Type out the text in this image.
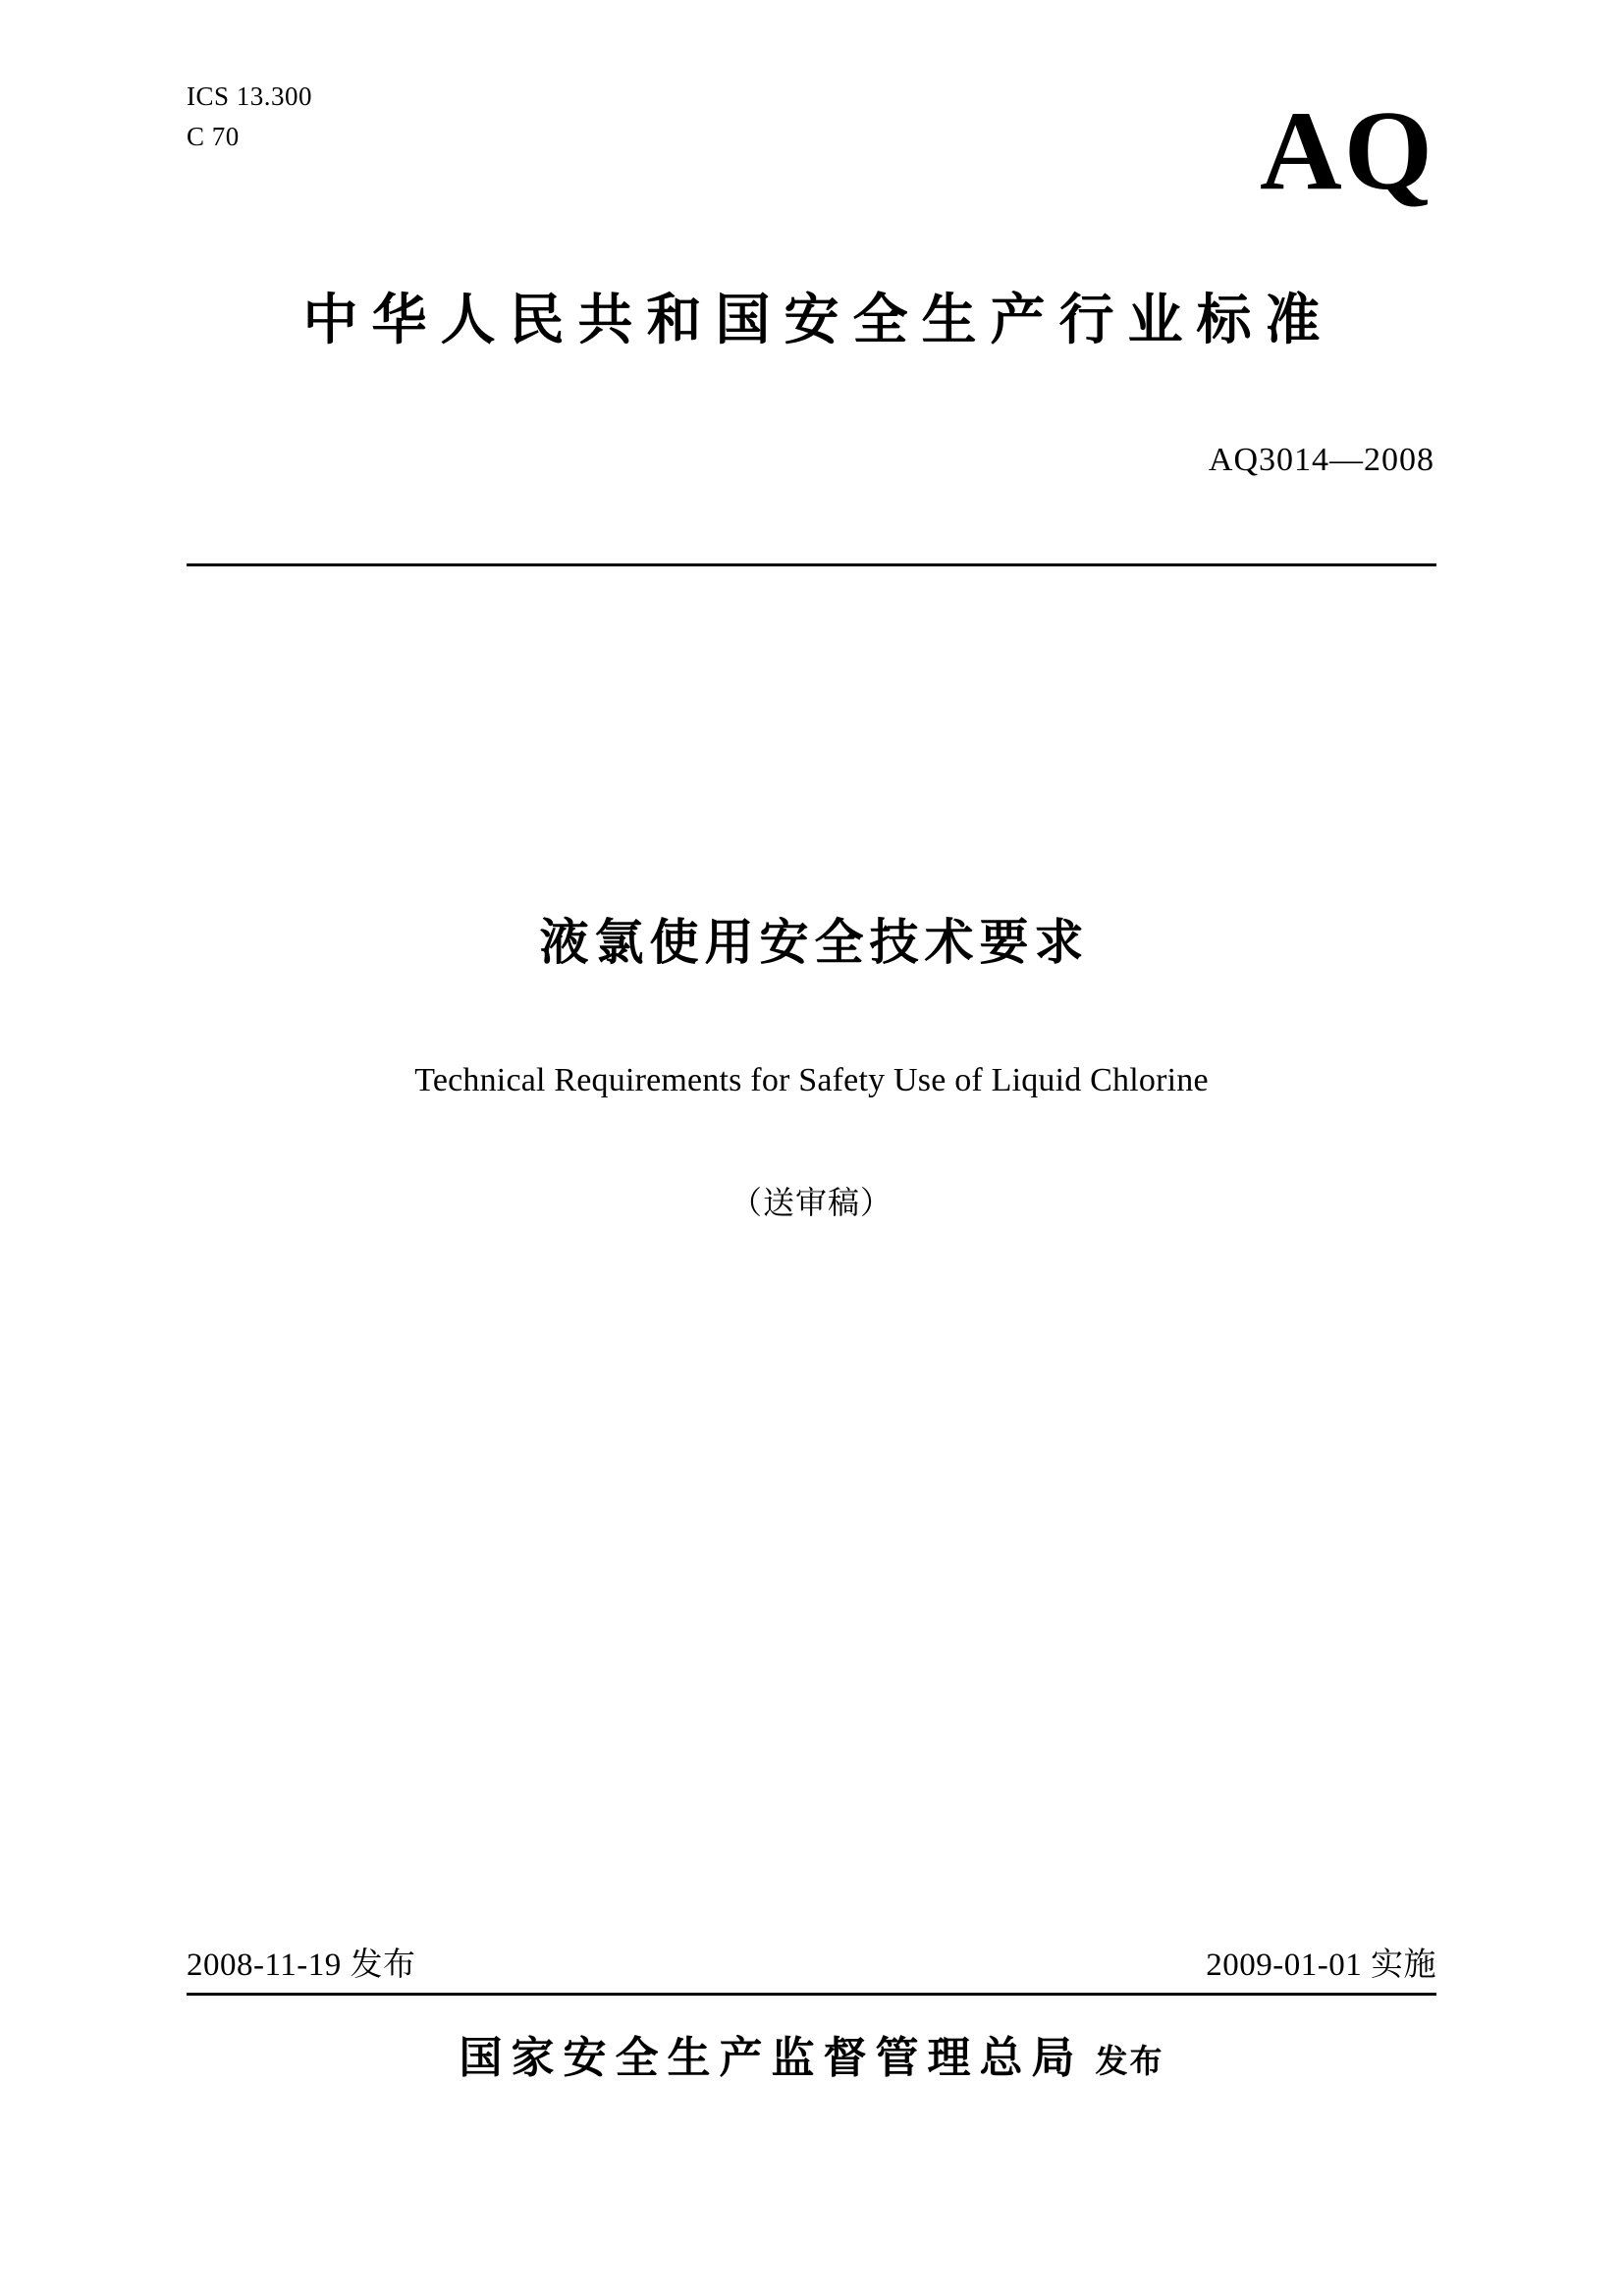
ICS 13.300
C 70	AQ
中华人民共和国安全生产行业标准
AQ3014—2008
液氯使用安全技术要求
Technical Requirements for Safety Use of Liquid Chlorine
（送审稿）
2008-11-19 发布	2009-01-01 实施
国家安全生产监督管理总局 发布
